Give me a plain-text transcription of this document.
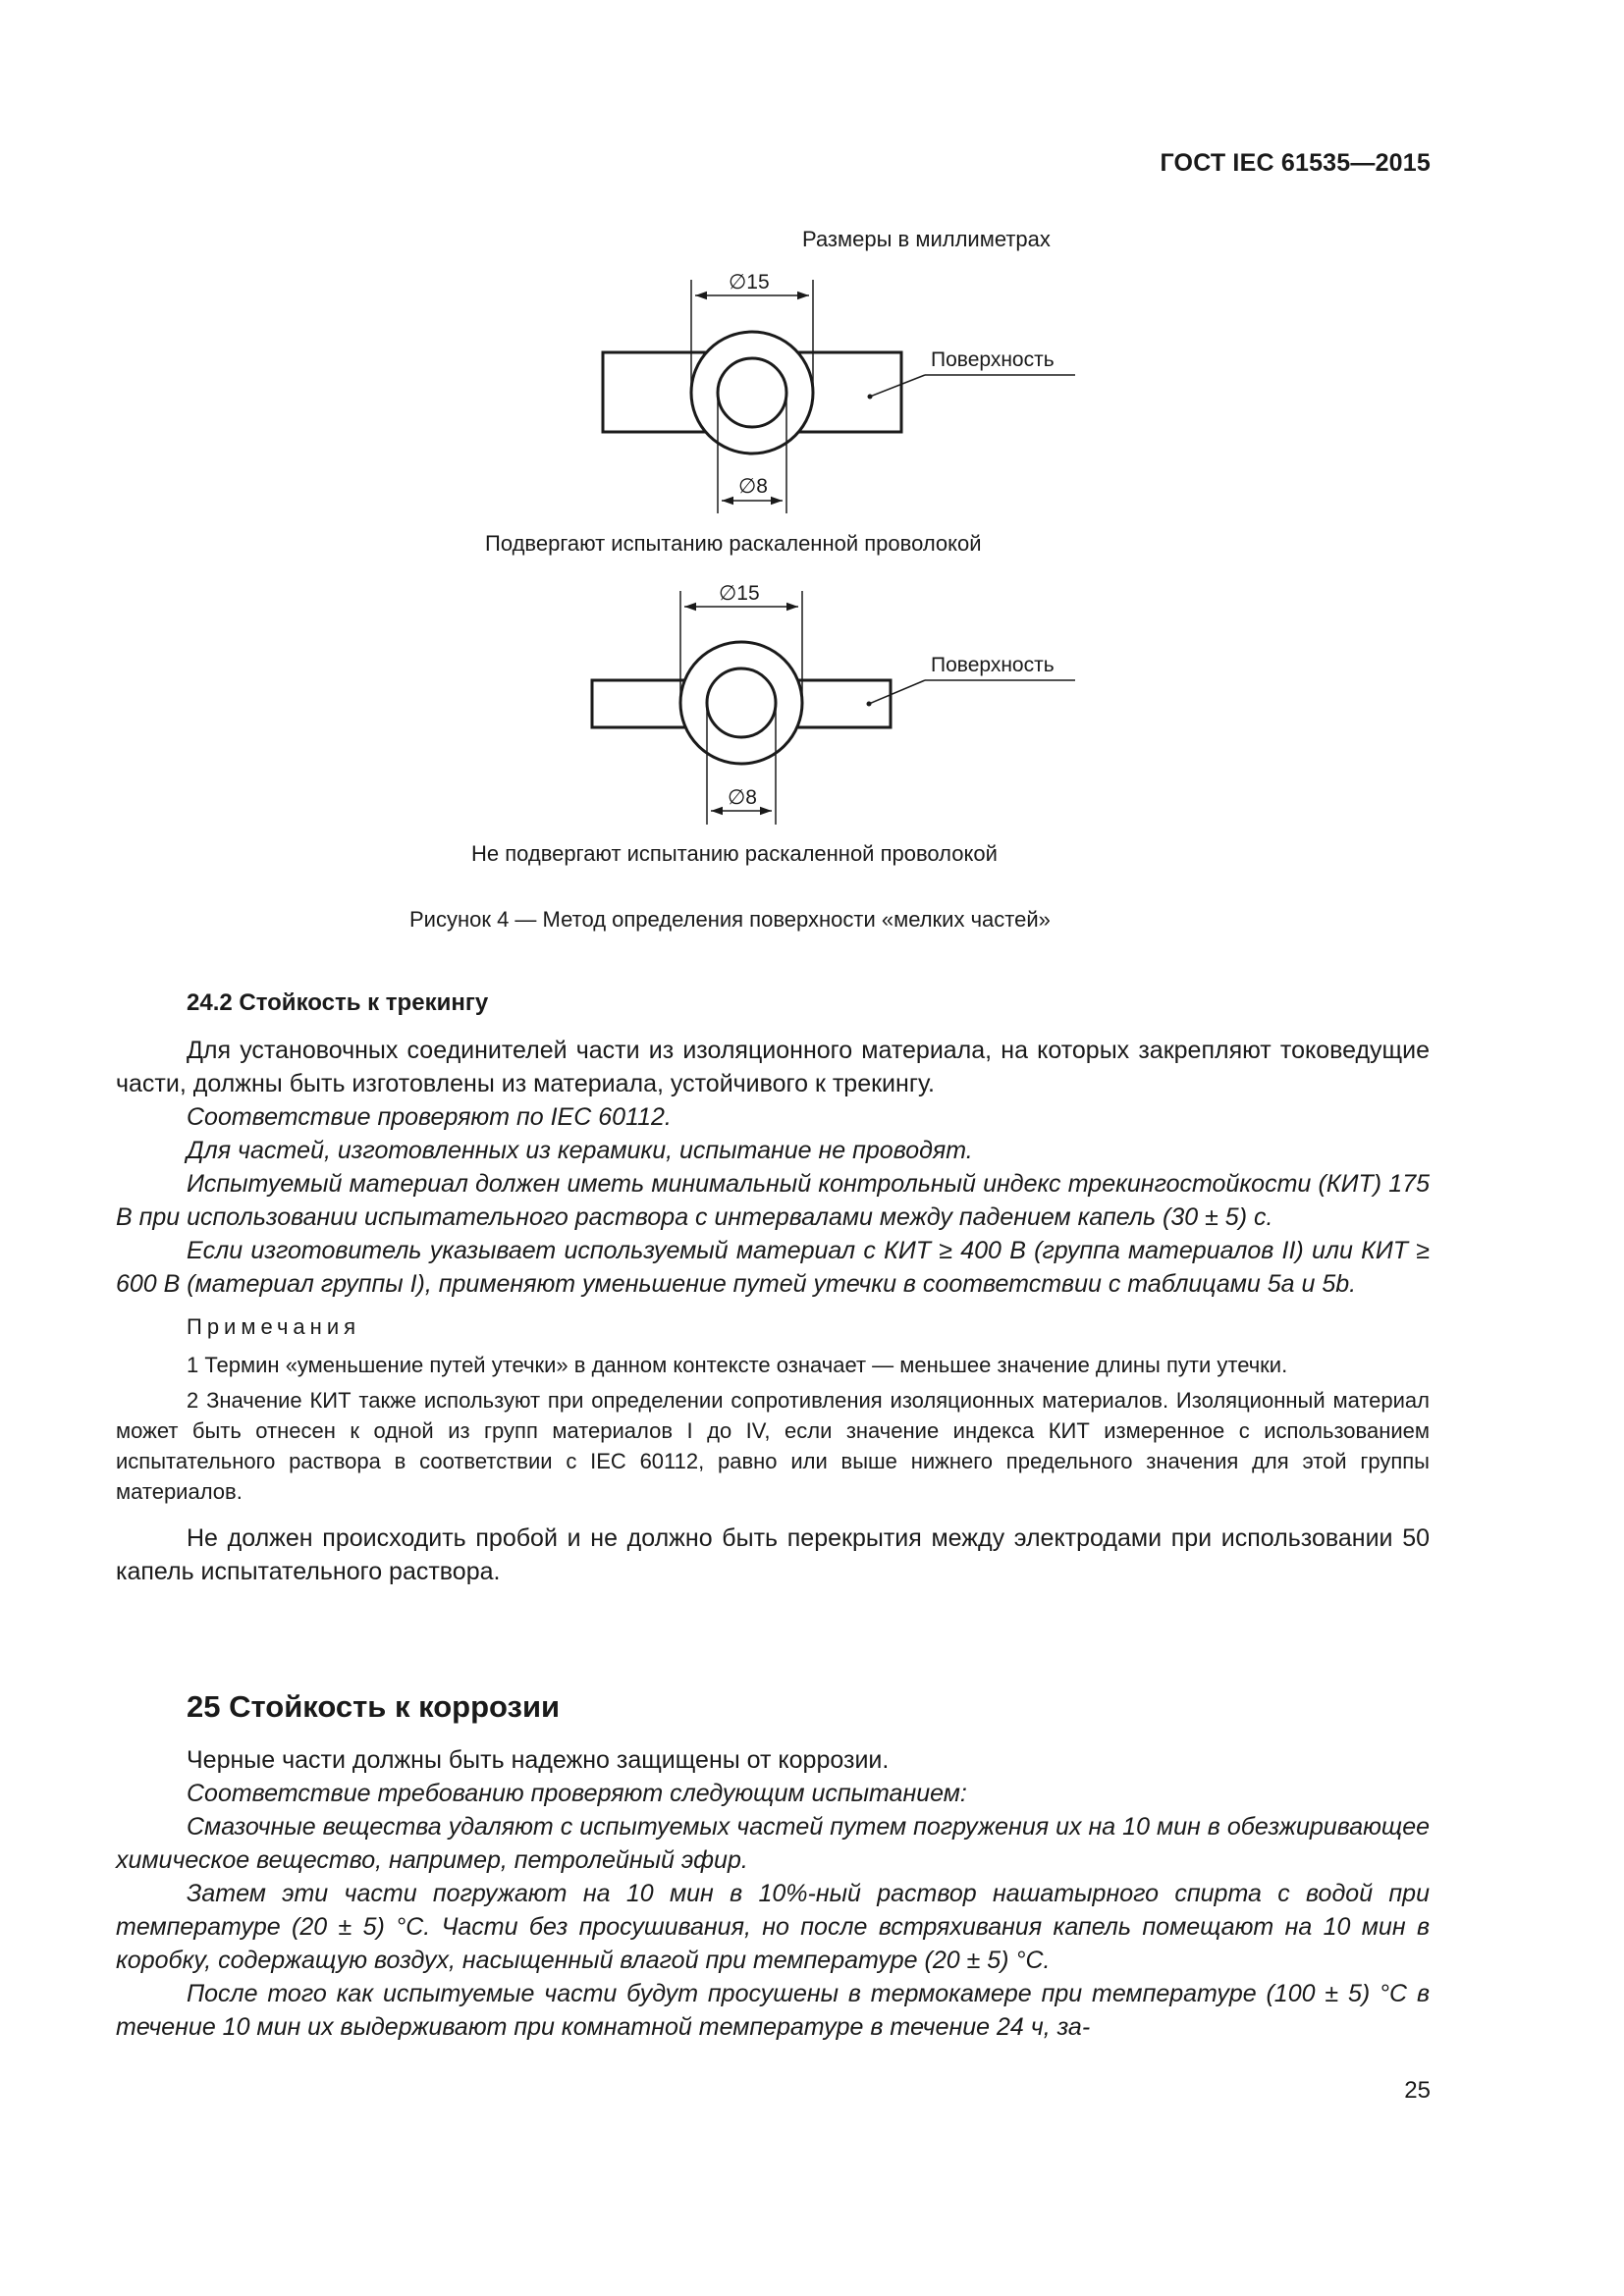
ГОСТ IEC 61535—2015
Размеры в миллиметрах
∅15
∅8
Поверхность
∅15
∅8
Поверхность
Подвергают испытанию раскаленной проволокой
Не подвергают испытанию раскаленной проволокой
Рисунок 4 — Метод определения поверхности «мелких частей»
24.2 Стойкость к трекингу

Для установочных соединителей части из изоляционного материала, на которых закрепляют токоведущие части, должны быть изготовлены из материала, устойчивого к трекингу.

Соответствие проверяют по IEC 60112.

Для частей, изготовленных из керамики, испытание не проводят.

Испытуемый материал должен иметь минимальный контрольный индекс трекингостойкости (КИТ) 175 В при использовании испытательного раствора с интервалами между падением капель (30 ± 5) с.

Если изготовитель указывает используемый материал с КИТ ≥ 400 В (группа материалов II) или КИТ ≥ 600 В (материал группы I), применяют уменьшение путей утечки в соответствии с таблицами 5а и 5b.

Примечания

1 Термин «уменьшение путей утечки» в данном контексте означает — меньшее значение длины пути утечки.

2 Значение КИТ также используют при определении сопротивления изоляционных материалов. Изоляционный материал может быть отнесен к одной из групп материалов I до IV, если значение индекса КИТ измеренное с использованием испытательного раствора в соответствии с IEC 60112, равно или выше нижнего предельного значения для этой группы материалов.

Не должен происходить пробой и не должно быть перекрытия между электродами при использовании 50 капель испытательного раствора.

25 Стойкость к коррозии

Черные части должны быть надежно защищены от коррозии.

Соответствие требованию проверяют следующим испытанием:

Смазочные вещества удаляют с испытуемых частей путем погружения их на 10 мин в обезжиривающее химическое вещество, например, петролейный эфир.

Затем эти части погружают на 10 мин в 10%-ный раствор нашатырного спирта с водой при температуре (20 ± 5) °С. Части без просушивания, но после встряхивания капель помещают на 10 мин в коробку, содержащую воздух, насыщенный влагой при температуре (20 ± 5) °С.

После того как испытуемые части будут просушены в термокамере при температуре (100 ± 5) °С в течение 10 мин их выдерживают при комнатной температуре в течение 24 ч, за-

25
